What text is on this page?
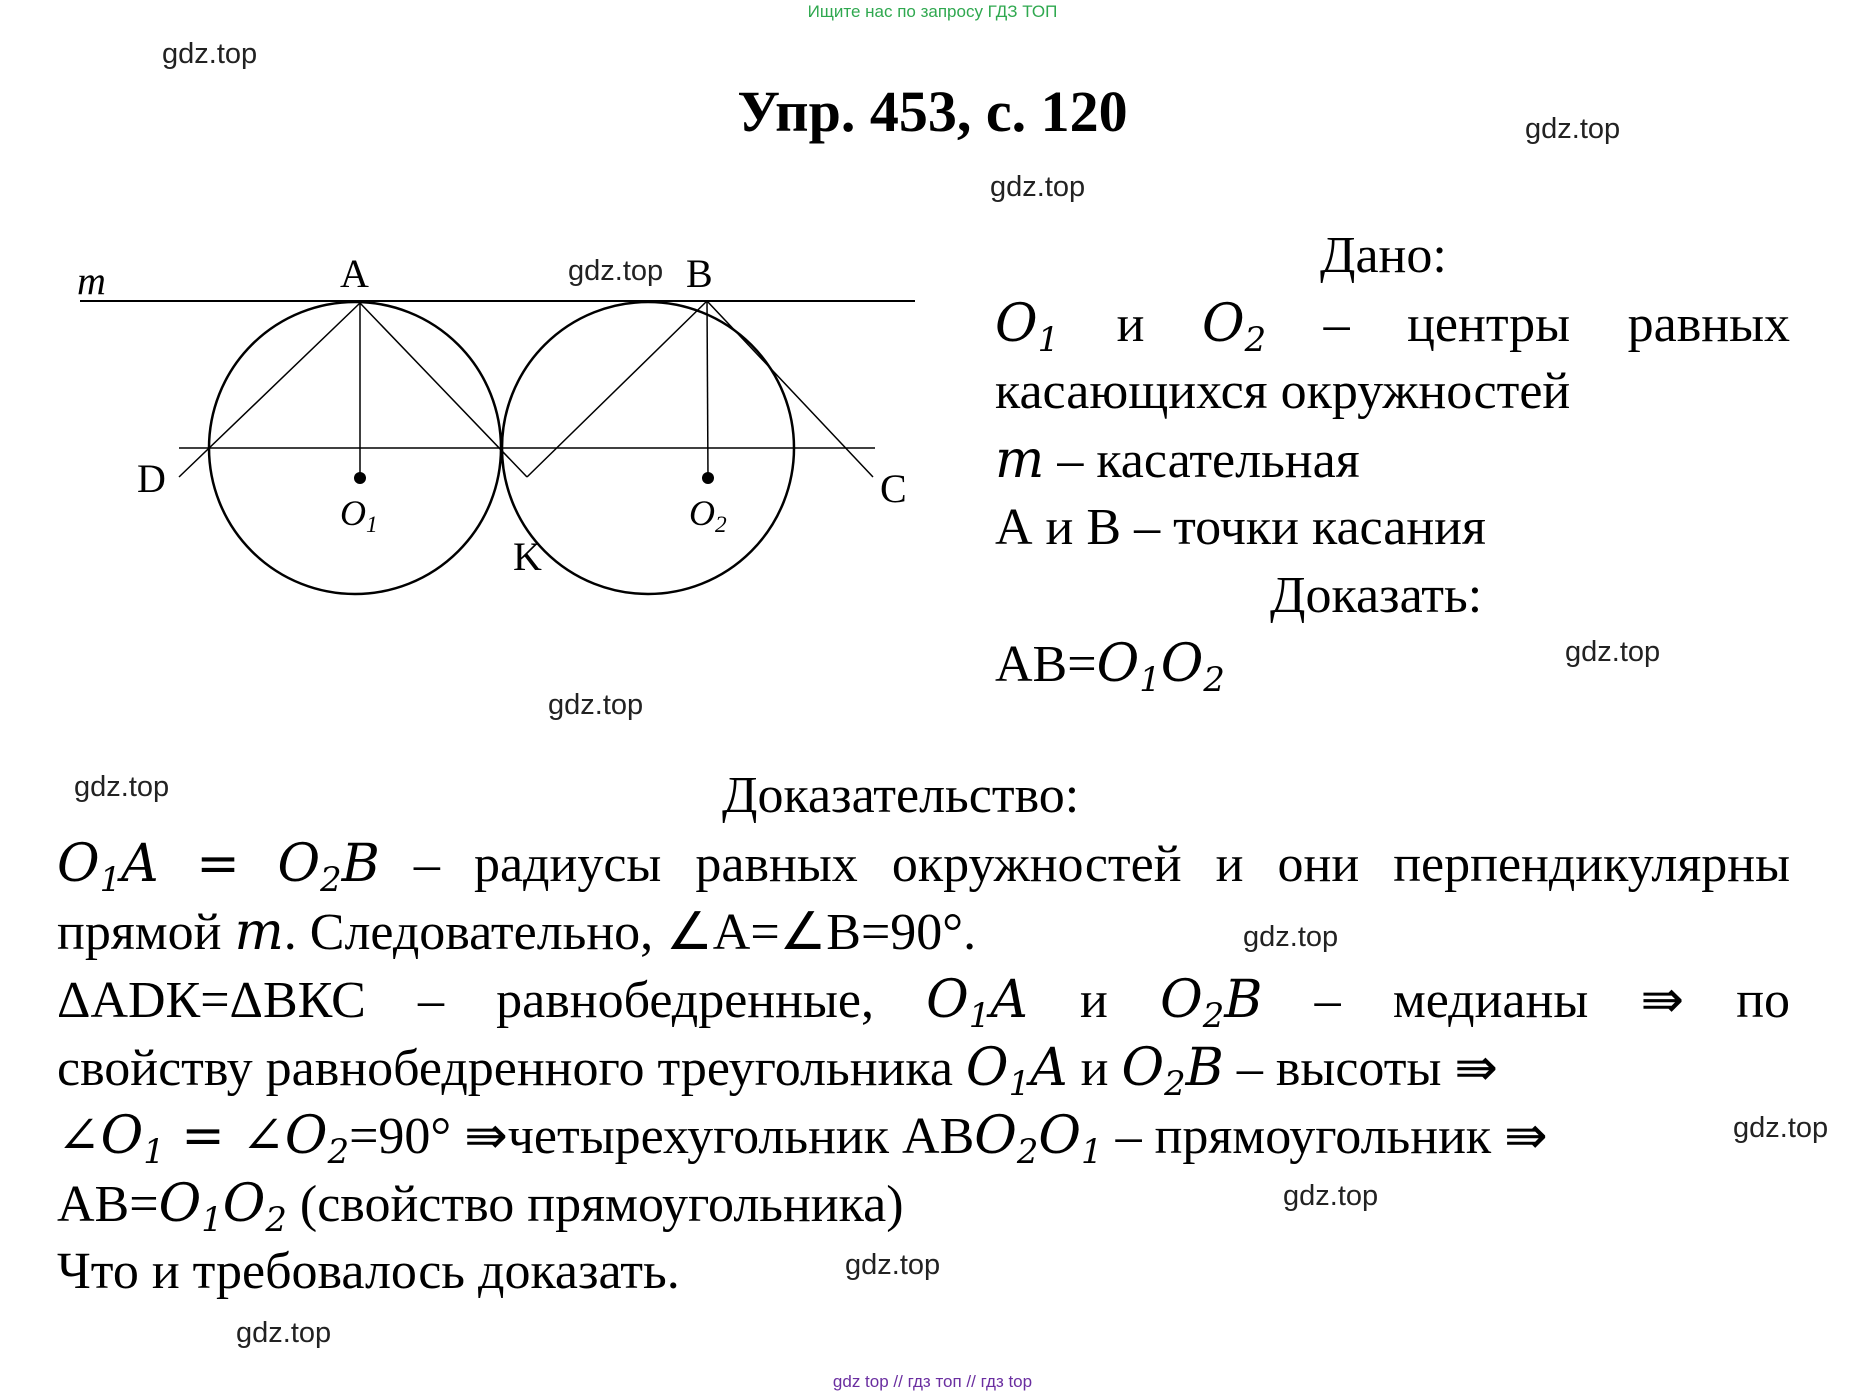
Ищите нас по запросу ГДЗ ТОП
Упр. 453, с. 120
m	A	B
D	C
K
$O_1$	$O_2$
Дано:
$O_1$ и $O_2$ – центры равных
касающихся окружностей
m – касательная
А и В – точки касания
Доказать:
$АВ=O_1O_2$
Доказательство:
$O_1A = O_2B$ – радиусы равных окружностей и они перпендикулярны
прямой m. Следовательно, ∠А=∠В=90°.
ΔАDК=ΔВКС – равнобедренные, $O_1A$ и $O_2B$ – медианы ⇛ по
свойству равнобедренного треугольника $O_1A$ и $O_2B$ – высоты ⇛
$\angle O_1$ = $\angle O_2=90^\circ$ ⇛четырехугольник $АВO_2O_1$ – прямоугольник ⇛
$АВ=O_1O_2$ (свойство прямоугольника)
Что и требовалось доказать.
gdz.top
gdz.top
gdz.top
gdz.top
gdz.top
gdz.top
gdz.top
gdz.top
gdz.top
gdz.top
gdz.top
gdz.top
gdz top // гдз топ // гдз top
